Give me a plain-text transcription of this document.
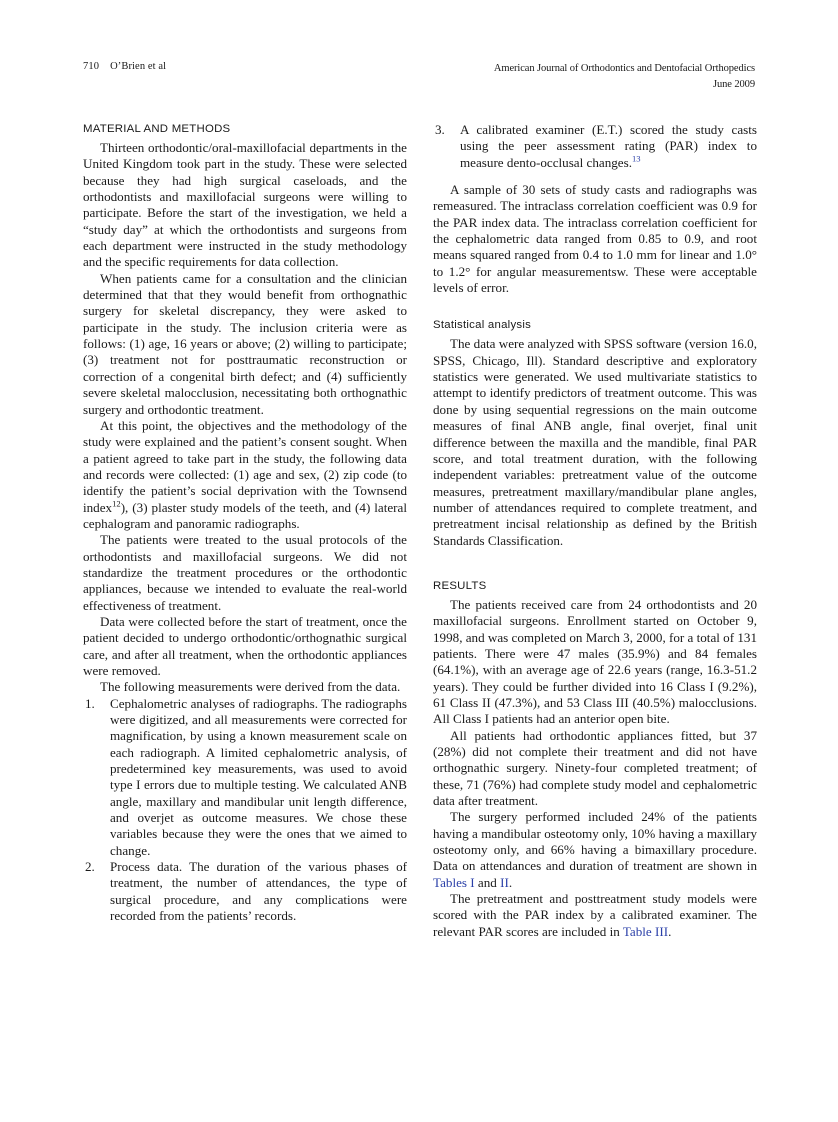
710 O’Brien et al	American Journal of Orthodontics and Dentofacial Orthopedics
June 2009
MATERIAL AND METHODS

Thirteen orthodontic/oral-maxillofacial departments in the United Kingdom took part in the study. These were selected because they had high surgical caseloads, and the orthodontists and maxillofacial surgeons were willing to participate. Before the start of the investigation, we held a “study day” at which the orthodontists and surgeons from each department were instructed in the study methodology and the specific requirements for data collection.

When patients came for a consultation and the clinician determined that that they would benefit from orthognathic surgery for skeletal discrepancy, they were asked to participate in the study. The inclusion criteria were as follows: (1) age, 16 years or above; (2) willing to participate; (3) treatment not for posttraumatic reconstruction or correction of a congenital birth defect; and (4) sufficiently severe skeletal malocclusion, necessitating both orthognathic surgery and orthodontic treatment.

At this point, the objectives and the methodology of the study were explained and the patient’s consent sought. When a patient agreed to take part in the study, the following data and records were collected: (1) age and sex, (2) zip code (to identify the patient’s social deprivation with the Townsend index$^{12}$), (3) plaster study models of the teeth, and (4) lateral cephalogram and panoramic radiographs.

The patients were treated to the usual protocols of the orthodontists and maxillofacial surgeons. We did not standardize the treatment procedures or the orthodontic appliances, because we intended to evaluate the real-world effectiveness of treatment.

Data were collected before the start of treatment, once the patient decided to undergo orthodontic/orthognathic surgical care, and after all treatment, when the orthodontic appliances were removed.

The following measurements were derived from the data.

1.	Cephalometric analyses of radiographs. The radiographs were digitized, and all measurements were corrected for magnification, by using a known measurement scale on each radiograph. A limited cephalometric analysis, of predetermined key measurements, was used to avoid type I errors due to multiple testing. We calculated ANB angle, maxillary and mandibular unit length difference, and overjet as outcome measures. We chose these variables because they were the ones that we aimed to change.
2.	Process data. The duration of the various phases of treatment, the number of attendances, the type of surgical procedure, and any complications were recorded from the patients’ records.
3.	A calibrated examiner (E.T.) scored the study casts using the peer assessment rating (PAR) index to measure dento-occlusal changes.$^{13}$

A sample of 30 sets of study casts and radiographs was remeasured. The intraclass correlation coefficient was 0.9 for the PAR index data. The intraclass correlation coefficient for the cephalometric data ranged from 0.85 to 0.9, and root means squared ranged from 0.4 to 1.0 mm for linear and 1.0° to 1.2° for angular measurementsw. These were acceptable levels of error.

Statistical analysis

The data were analyzed with SPSS software (version 16.0, SPSS, Chicago, Ill). Standard descriptive and exploratory statistics were generated. We used multivariate statistics to attempt to identify predictors of treatment outcome. This was done by using sequential regressions on the main outcome measures of final ANB angle, final overjet, final unit difference between the maxilla and the mandible, final PAR score, and total treatment duration, with the following independent variables: pretreatment value of the outcome measures, pretreatment maxillary/mandibular plane angles, number of attendances required to complete treatment, and pretreatment incisal relationship as defined by the British Standards Classification.

RESULTS

The patients received care from 24 orthodontists and 20 maxillofacial surgeons. Enrollment started on October 9, 1998, and was completed on March 3, 2000, for a total of 131 patients. There were 47 males (35.9%) and 84 females (64.1%), with an average age of 22.6 years (range, 16.3-51.2 years). They could be further divided into 16 Class I (9.2%), 61 Class II (47.3%), and 53 Class III (40.5%) malocclusions. All Class I patients had an anterior open bite.

All patients had orthodontic appliances fitted, but 37 (28%) did not complete their treatment and did not have orthognathic surgery. Ninety-four completed treatment; of these, 71 (76%) had complete study model and cephalometric data after treatment.

The surgery performed included 24% of the patients having a mandibular osteotomy only, 10% having a maxillary osteotomy only, and 66% having a bimaxillary procedure. Data on attendances and duration of treatment are shown in Tables I and II.

The pretreatment and posttreatment study models were scored with the PAR index by a calibrated examiner. The relevant PAR scores are included in Table III.
